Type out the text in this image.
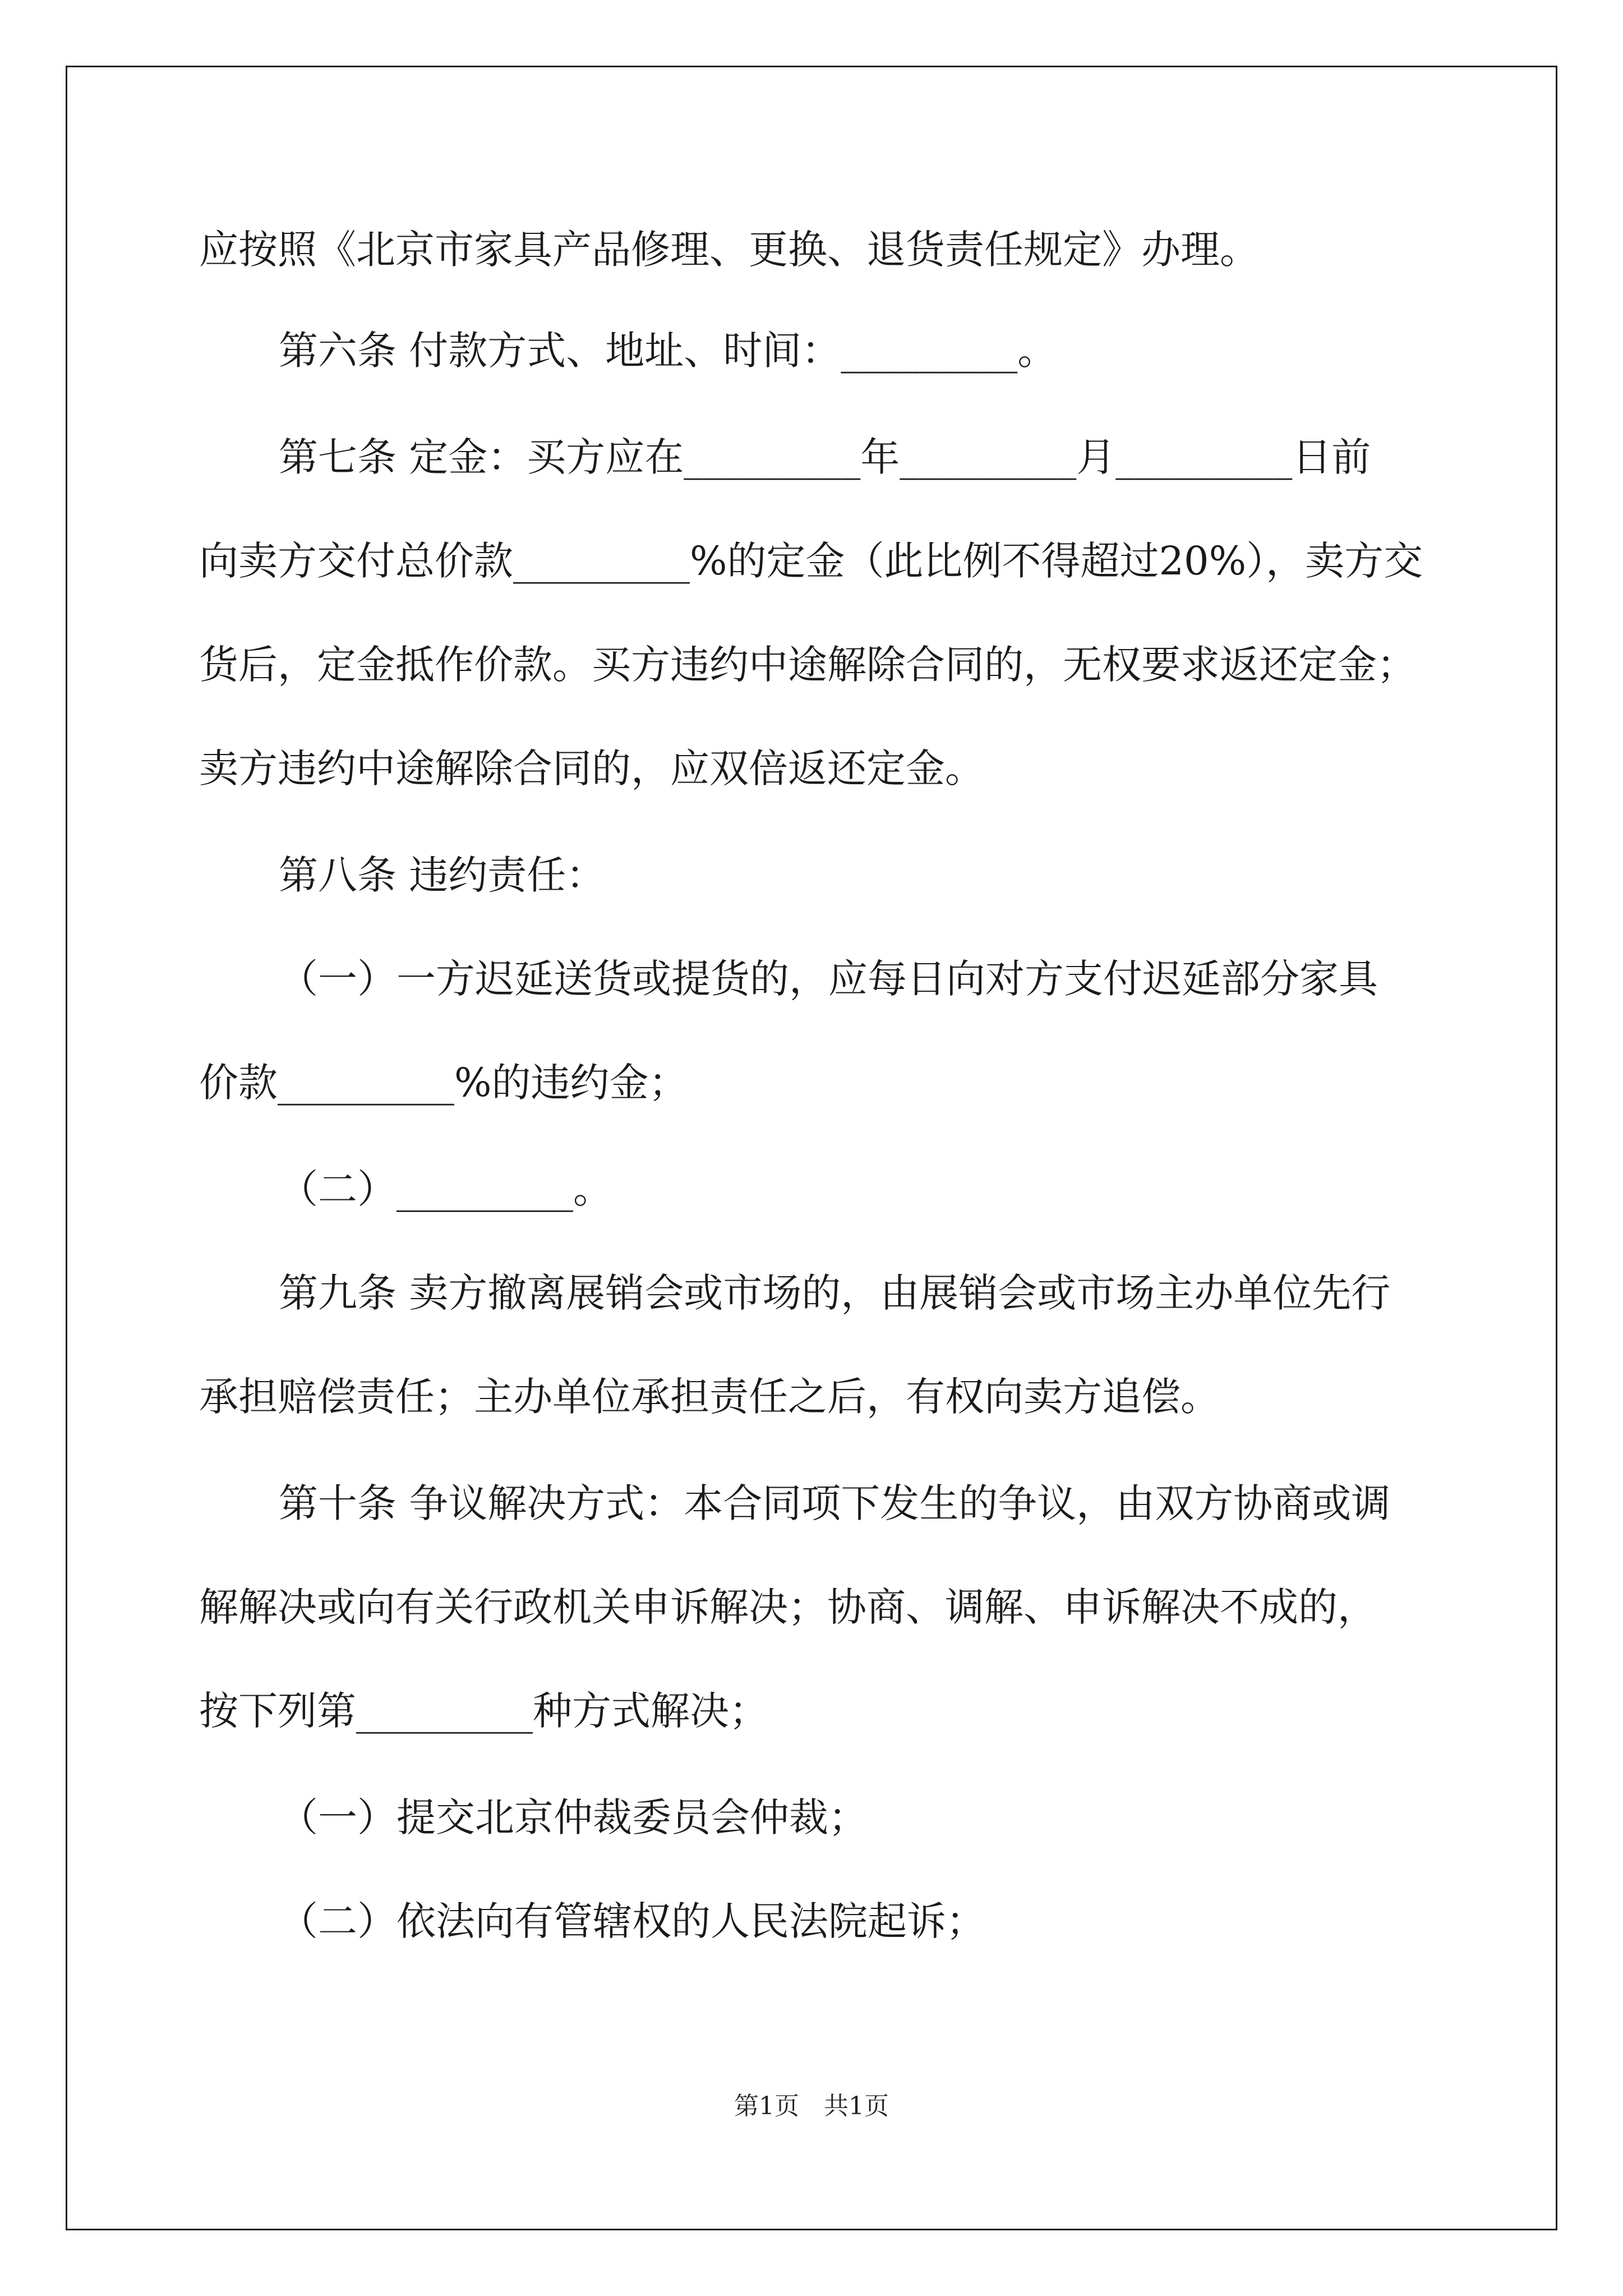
应按照《北京市家具产品修理、更换、退货责任规定》办理。
第六条 付款方式、地址、时间：_________。
第七条 定金：买方应在_________年_________月_________日前
向卖方交付总价款_________%的定金（此比例不得超过20%），卖方交
货后，定金抵作价款。买方违约中途解除合同的，无权要求返还定金；
卖方违约中途解除合同的，应双倍返还定金。
第八条 违约责任：
（一）一方迟延送货或提货的，应每日向对方支付迟延部分家具
价款_________%的违约金；
（二）_________。
第九条 卖方撤离展销会或市场的，由展销会或市场主办单位先行
承担赔偿责任；主办单位承担责任之后，有权向卖方追偿。
第十条 争议解决方式：本合同项下发生的争议，由双方协商或调
解解决或向有关行政机关申诉解决；协商、调解、申诉解决不成的，
按下列第_________种方式解决；
（一）提交北京仲裁委员会仲裁；
（二）依法向有管辖权的人民法院起诉；
第1页　共1页
